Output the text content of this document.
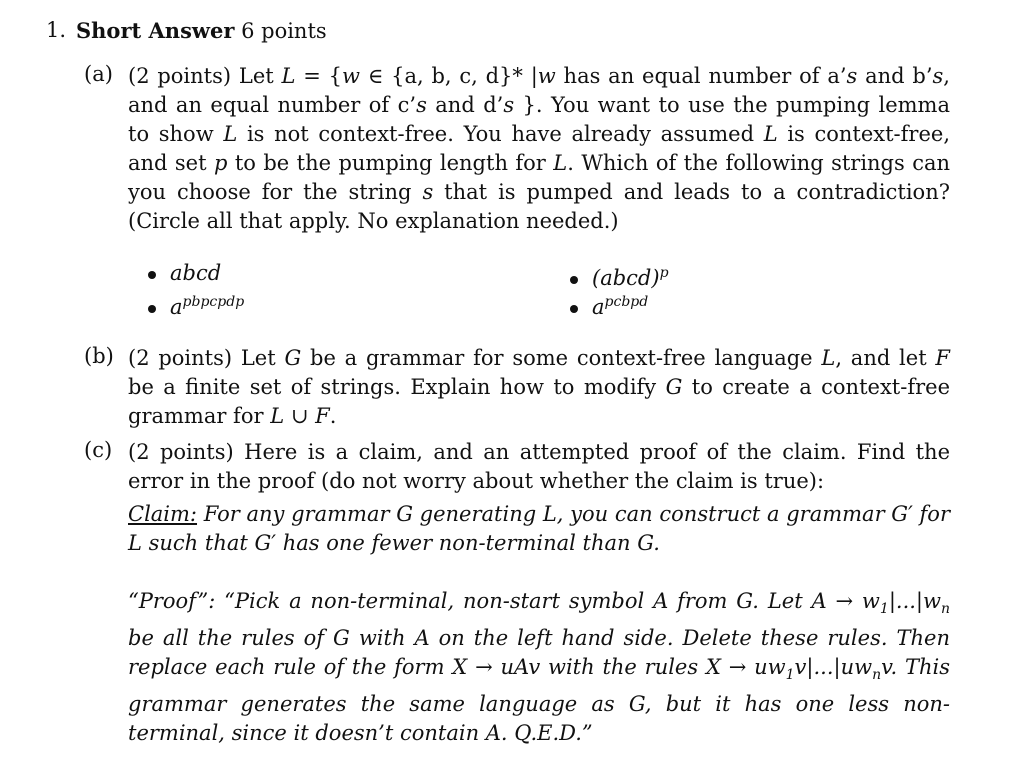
1. Short Answer 6 points
(a) (2 points) Let L = {w ∈ {a, b, c, d}* |w has an equal number of a’s and b’s, and an equal number of c’s and d’s }. You want to use the pumping lemma to show L is not context-free. You have already assumed L is context-free, and set p to be the pumping length for L. Which of the following strings can you choose for the string s that is pumped and leads to a contradiction? (Circle all that apply. No explanation needed.)
abcd
$a^{pbpcpdp}$
(abcd)$^p$
$a^{pcbpd}$
(b) (2 points) Let G be a grammar for some context-free language L, and let F be a finite set of strings. Explain how to modify G to create a context-free grammar for L ∪ F.
(c) (2 points) Here is a claim, and an attempted proof of the claim. Find the error in the proof (do not worry about whether the claim is true):
Claim: For any grammar G generating L, you can construct a grammar G′ for L such that G′ has one fewer non-terminal than G.
“Proof”: “Pick a non-terminal, non-start symbol A from G. Let $A \to w_1|...|w_n$ be all the rules of G with A on the left hand side. Delete these rules. Then replace each rule of the form X → uAv with the rules $X \to uw_1v|...|uw_nv$. This grammar generates the same language as G, but it has one less non-terminal, since it doesn’t contain A. Q.E.D.”
